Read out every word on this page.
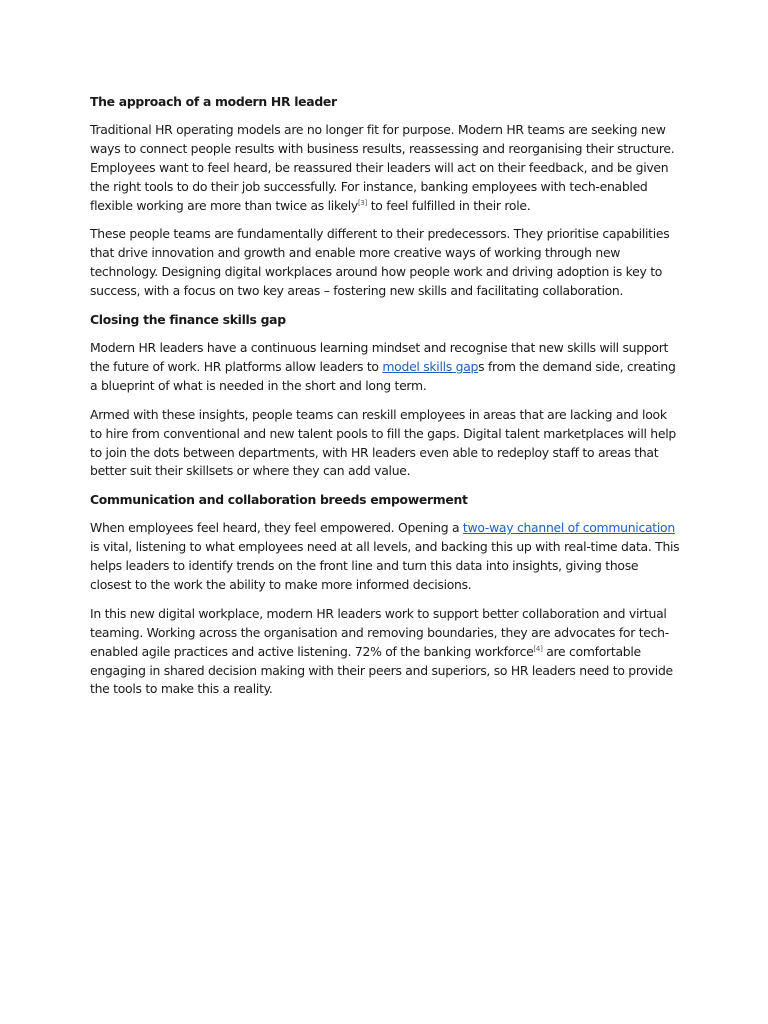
The approach of a modern HR leader

Traditional HR operating models are no longer fit for purpose. Modern HR teams are seeking new ways to connect people results with business results, reassessing and reorganising their structure. Employees want to feel heard, be reassured their leaders will act on their feedback, and be given the right tools to do their job successfully. For instance, banking employees with tech-enabled flexible working are more than twice as likely[3] to feel fulfilled in their role.

These people teams are fundamentally different to their predecessors. They prioritise capabilities that drive innovation and growth and enable more creative ways of working through new technology. Designing digital workplaces around how people work and driving adoption is key to success, with a focus on two key areas – fostering new skills and facilitating collaboration.

Closing the finance skills gap

Modern HR leaders have a continuous learning mindset and recognise that new skills will support the future of work. HR platforms allow leaders to model skills gaps from the demand side, creating a blueprint of what is needed in the short and long term.

Armed with these insights, people teams can reskill employees in areas that are lacking and look to hire from conventional and new talent pools to fill the gaps. Digital talent marketplaces will help to join the dots between departments, with HR leaders even able to redeploy staff to areas that better suit their skillsets or where they can add value.

Communication and collaboration breeds empowerment

When employees feel heard, they feel empowered. Opening a two-way channel of communication is vital, listening to what employees need at all levels, and backing this up with real-time data. This helps leaders to identify trends on the front line and turn this data into insights, giving those closest to the work the ability to make more informed decisions.

In this new digital workplace, modern HR leaders work to support better collaboration and virtual teaming. Working across the organisation and removing boundaries, they are advocates for tech-enabled agile practices and active listening. 72% of the banking workforce[4] are comfortable engaging in shared decision making with their peers and superiors, so HR leaders need to provide the tools to make this a reality.
